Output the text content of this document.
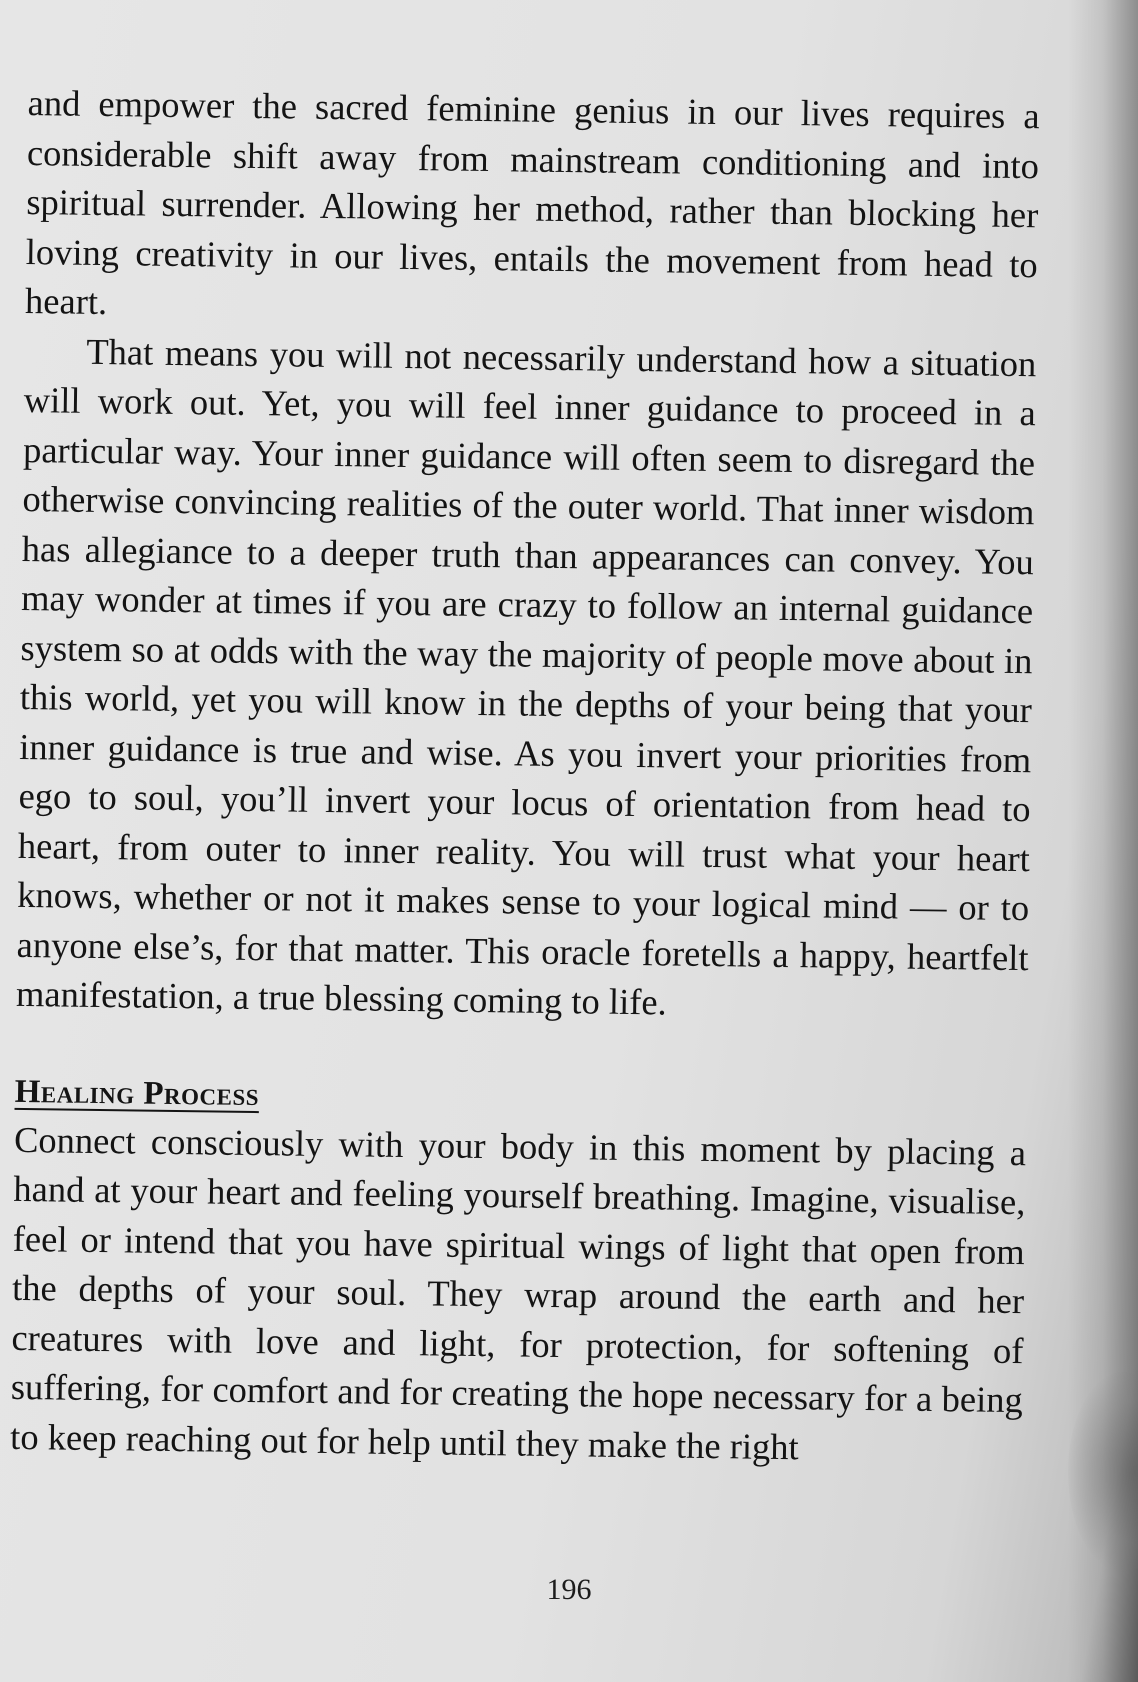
and empower the sacred feminine genius in our lives requires a considerable shift away from mainstream conditioning and into spiritual surrender. Allowing her method, rather than blocking her loving creativity in our lives, entails the movement from head to heart.

That means you will not necessarily understand how a situation will work out. Yet, you will feel inner guidance to proceed in a particular way. Your inner guidance will often seem to disregard the otherwise convincing realities of the outer world. That inner wisdom has allegiance to a deeper truth than appearances can convey. You may wonder at times if you are crazy to follow an internal guidance system so at odds with the way the majority of people move about in this world, yet you will know in the depths of your being that your inner guidance is true and wise. As you invert your priorities from ego to soul, you’ll invert your locus of orientation from head to heart, from outer to inner reality. You will trust what your heart knows, whether or not it makes sense to your logical mind — or to anyone else’s, for that matter. This oracle foretells a happy, heartfelt manifestation, a true blessing coming to life.

Healing Process

Connect consciously with your body in this moment by placing a hand at your heart and feeling yourself breathing. Imagine, visualise, feel or intend that you have spiritual wings of light that open from the depths of your soul. They wrap around the earth and her creatures with love and light, for protection, for softening of suffering, for comfort and for creating the hope necessary for a being to keep reaching out for help until they make the right

196
